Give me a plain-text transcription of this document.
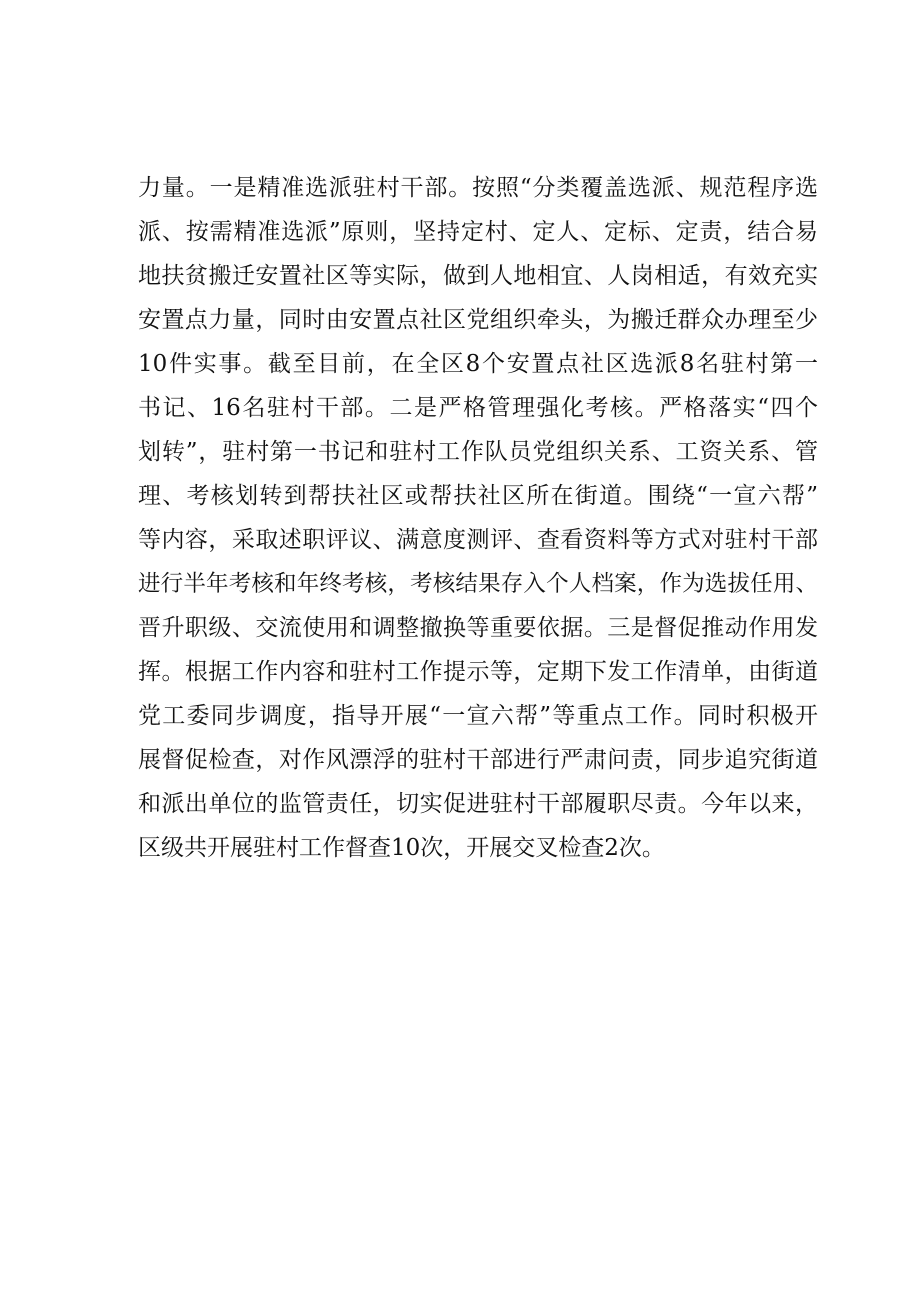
力量。一是精准选派驻村干部。按照“分类覆盖选派、规范程序选
派、按需精准选派”原则，坚持定村、定人、定标、定责，结合易
地扶贫搬迁安置社区等实际，做到人地相宜、人岗相适，有效充实
安置点力量，同时由安置点社区党组织牵头，为搬迁群众办理至少
10件实事。截至目前，在全区8个安置点社区选派8名驻村第一
书记、16名驻村干部。二是严格管理强化考核。严格落实“四个
划转”，驻村第一书记和驻村工作队员党组织关系、工资关系、管
理、考核划转到帮扶社区或帮扶社区所在街道。围绕“一宣六帮”
等内容，采取述职评议、满意度测评、查看资料等方式对驻村干部
进行半年考核和年终考核，考核结果存入个人档案，作为选拔任用、
晋升职级、交流使用和调整撤换等重要依据。三是督促推动作用发
挥。根据工作内容和驻村工作提示等，定期下发工作清单，由街道
党工委同步调度，指导开展“一宣六帮”等重点工作。同时积极开
展督促检查，对作风漂浮的驻村干部进行严肃问责，同步追究街道
和派出单位的监管责任，切实促进驻村干部履职尽责。今年以来，
区级共开展驻村工作督查10次，开展交叉检查2次。
